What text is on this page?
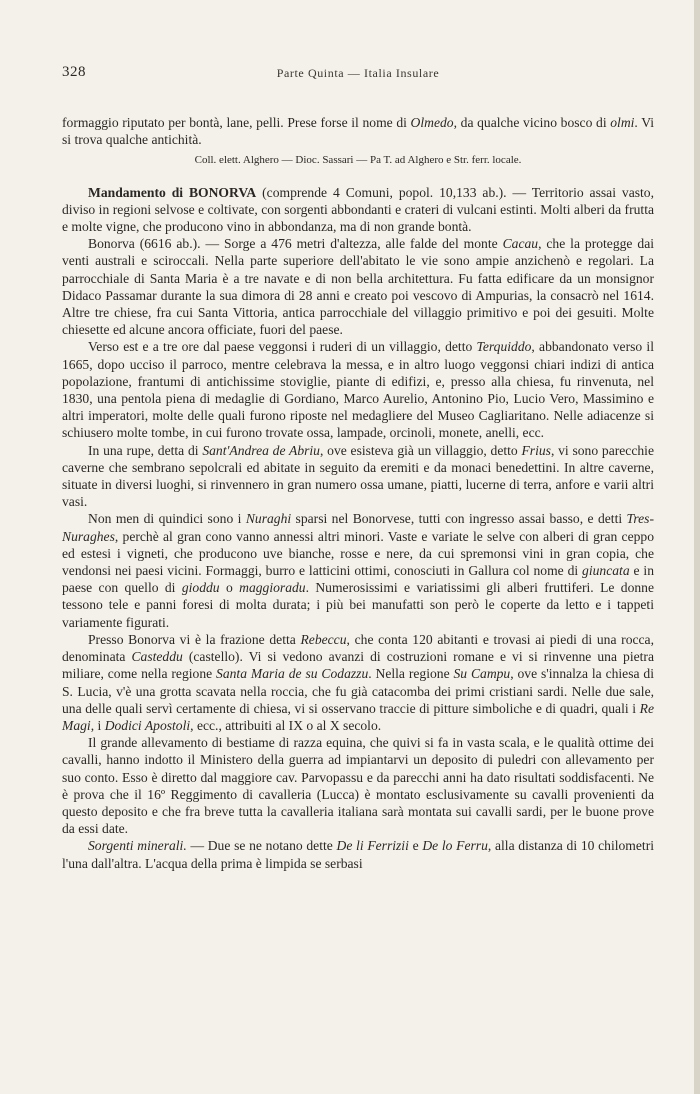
328	Parte Quinta — Italia Insulare

formaggio riputato per bontà, lane, pelli. Prese forse il nome di Olmedo, da qualche vicino bosco di olmi. Vi si trova qualche antichità.

Coll. elett. Alghero — Dioc. Sassari — Pa T. ad Alghero e Str. ferr. locale.

Mandamento di BONORVA (comprende 4 Comuni, popol. 10,133 ab.). — Territorio assai vasto, diviso in regioni selvose e coltivate, con sorgenti abbondanti e crateri di vulcani estinti. Molti alberi da frutta e molte vigne, che producono vino in abbondanza, ma di non grande bontà.

Bonorva (6616 ab.). — Sorge a 476 metri d'altezza, alle falde del monte Cacau, che la protegge dai venti australi e sciroccali. Nella parte superiore dell'abitato le vie sono ampie anzichenò e regolari. La parrocchiale di Santa Maria è a tre navate e di non bella architettura. Fu fatta edificare da un monsignor Didaco Passamar durante la sua dimora di 28 anni e creato poi vescovo di Ampurias, la consacrò nel 1614. Altre tre chiese, fra cui Santa Vittoria, antica parrocchiale del villaggio primitivo e poi dei gesuiti. Molte chiesette ed alcune ancora officiate, fuori del paese.

Verso est e a tre ore dal paese veggonsi i ruderi di un villaggio, detto Terquiddo, abbandonato verso il 1665, dopo ucciso il parroco, mentre celebrava la messa, e in altro luogo veggonsi chiari indizi di antica popolazione, frantumi di antichissime stoviglie, piante di edifizi, e, presso alla chiesa, fu rinvenuta, nel 1830, una pentola piena di medaglie di Gordiano, Marco Aurelio, Antonino Pio, Lucio Vero, Massimino e altri imperatori, molte delle quali furono riposte nel medagliere del Museo Cagliaritano. Nelle adiacenze si schiusero molte tombe, in cui furono trovate ossa, lampade, orcinoli, monete, anelli, ecc.

In una rupe, detta di Sant'Andrea de Abriu, ove esisteva già un villaggio, detto Frius, vi sono parecchie caverne che sembrano sepolcrali ed abitate in seguito da eremiti e da monaci benedettini. In altre caverne, situate in diversi luoghi, si rinvennero in gran numero ossa umane, piatti, lucerne di terra, anfore e varii altri vasi.

Non men di quindici sono i Nuraghi sparsi nel Bonorvese, tutti con ingresso assai basso, e detti Tres-Nuraghes, perchè al gran cono vanno annessi altri minori. Vaste e variate le selve con alberi di gran ceppo ed estesi i vigneti, che producono uve bianche, rosse e nere, da cui spremonsi vini in gran copia, che vendonsi nei paesi vicini. Formaggi, burro e latticini ottimi, conosciuti in Gallura col nome di giuncata e in paese con quello di gioddu o maggioradu. Numerosissimi e variatissimi gli alberi fruttiferi. Le donne tessono tele e panni foresi di molta durata; i più bei manufatti son però le coperte da letto e i tappeti variamente figurati.

Presso Bonorva vi è la frazione detta Rebeccu, che conta 120 abitanti e trovasi ai piedi di una rocca, denominata Casteddu (castello). Vi si vedono avanzi di costruzioni romane e vi si rinvenne una pietra miliare, come nella regione Santa Maria de su Codazzu. Nella regione Su Campu, ove s'innalza la chiesa di S. Lucia, v'è una grotta scavata nella roccia, che fu già catacomba dei primi cristiani sardi. Nelle due sale, una delle quali servì certamente di chiesa, vi si osservano traccie di pitture simboliche e di quadri, quali i Re Magi, i Dodici Apostoli, ecc., attribuiti al IX o al X secolo.

Il grande allevamento di bestiame di razza equina, che quivi si fa in vasta scala, e le qualità ottime dei cavalli, hanno indotto il Ministero della guerra ad impiantarvi un deposito di puledri con allevamento per suo conto. Esso è diretto dal maggiore cav. Parvopassu e da parecchi anni ha dato risultati soddisfacenti. Ne è prova che il 16º Reggimento di cavalleria (Lucca) è montato esclusivamente su cavalli provenienti da questo deposito e che fra breve tutta la cavalleria italiana sarà montata sui cavalli sardi, per le buone prove da essi date.

Sorgenti minerali. — Due se ne notano dette De li Ferrizii e De lo Ferru, alla distanza di 10 chilometri l'una dall'altra. L'acqua della prima è limpida se serbasi
